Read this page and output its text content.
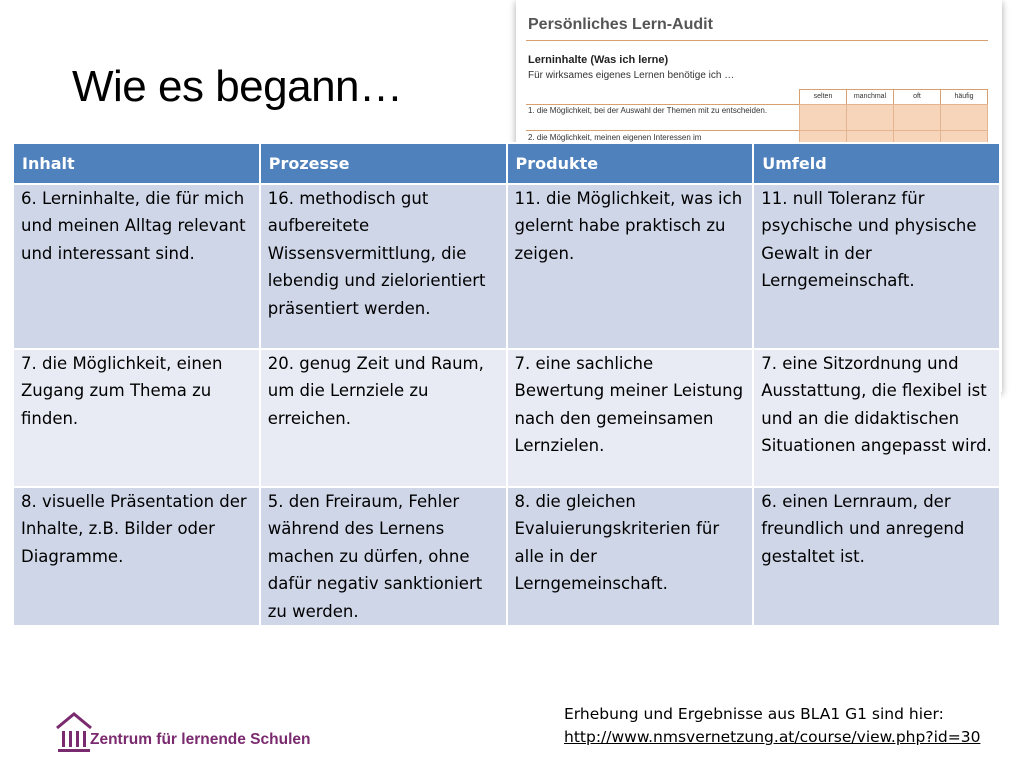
Wie es begann…
Persönliches Lern-Audit
Lerninhalte (Was ich lerne)
Für wirksames eigenes Lernen benötige ich …
selten	manchmal	oft	häufig
1. die Möglichkeit, bei der Auswahl der Themen mit zu entscheiden.
2. die Möglichkeit, meinen eigenen Interessen im
Inhalt	Prozesse	Produkte	Umfeld
6. Lerninhalte, die für mich und meinen Alltag relevant und interessant sind.	16. methodisch gut aufbereitete Wissensvermittlung, die lebendig und zielorientiert präsentiert werden.	11. die Möglichkeit, was ich gelernt habe praktisch zu zeigen.	11. null Toleranz für psychische und physische Gewalt in der Lerngemeinschaft.
7. die Möglichkeit, einen Zugang zum Thema zu finden.	20. genug Zeit und Raum, um die Lernziele zu erreichen.	7. eine sachliche Bewertung meiner Leistung nach den gemeinsamen Lernzielen.	7. eine Sitzordnung und Ausstattung, die flexibel ist und an die didaktischen Situationen angepasst wird.
8. visuelle Präsentation der Inhalte, z.B. Bilder oder Diagramme.	5. den Freiraum, Fehler während des Lernens machen zu dürfen, ohne dafür negativ sanktioniert zu werden.	8. die gleichen Evaluierungskriterien für alle in der Lerngemeinschaft.	6. einen Lernraum, der freundlich und anregend gestaltet ist.
Zentrum für lernende Schulen
Erhebung und Ergebnisse aus BLA1 G1 sind hier:
http://www.nmsvernetzung.at/course/view.php?id=30
